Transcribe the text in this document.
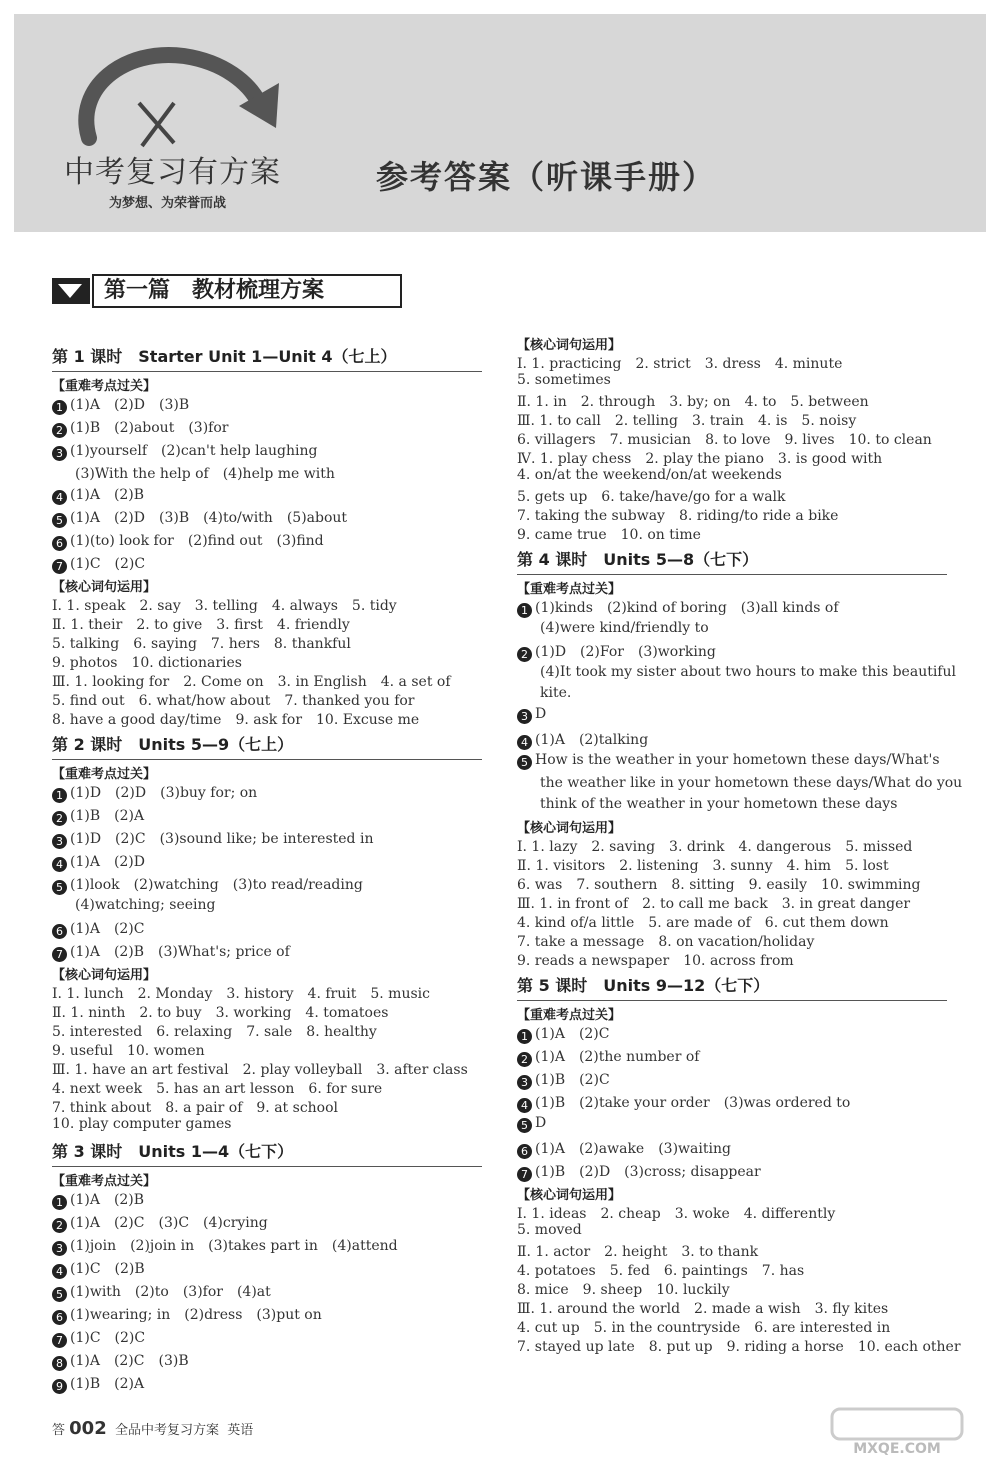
中考复习有方案
为梦想、为荣誉而战
参考答案（听课手册）
第一篇　教材梳理方案
第 1 课时　Starter Unit 1—Unit 4（七上）
【重难考点过关】
1 (1)A　(2)D　(3)B
2 (1)B　(2)about　(3)for
3 (1)yourself　(2)can't help laughing
(3)With the help of　(4)help me with
4 (1)A　(2)B
5 (1)A　(2)D　(3)B　(4)to/with　(5)about
6 (1)(to) look for　(2)find out　(3)find
7 (1)C　(2)C
【核心词句运用】
Ⅰ. 1. speak　2. say　3. telling　4. always　5. tidy
Ⅱ. 1. their　2. to give　3. first　4. friendly
5. talking　6. saying　7. hers　8. thankful
9. photos　10. dictionaries
Ⅲ. 1. looking for　2. Come on　3. in English　4. a set of
5. find out　6. what/how about　7. thanked you for
8. have a good day/time　9. ask for　10. Excuse me
第 2 课时　Units 5—9（七上）
【重难考点过关】
1 (1)D　(2)D　(3)buy for; on
2 (1)B　(2)A
3 (1)D　(2)C　(3)sound like; be interested in
4 (1)A　(2)D
5 (1)look　(2)watching　(3)to read/reading
(4)watching; seeing
6 (1)A　(2)C
7 (1)A　(2)B　(3)What's; price of
【核心词句运用】
Ⅰ. 1. lunch　2. Monday　3. history　4. fruit　5. music
Ⅱ. 1. ninth　2. to buy　3. working　4. tomatoes
5. interested　6. relaxing　7. sale　8. healthy
9. useful　10. women
Ⅲ. 1. have an art festival　2. play volleyball　3. after class
4. next week　5. has an art lesson　6. for sure
7. think about　8. a pair of　9. at school
10. play computer games
第 3 课时　Units 1—4（七下）
【重难考点过关】
1 (1)A　(2)B
2 (1)A　(2)C　(3)C　(4)crying
3 (1)join　(2)join in　(3)takes part in　(4)attend
4 (1)C　(2)B
5 (1)with　(2)to　(3)for　(4)at
6 (1)wearing; in　(2)dress　(3)put on
7 (1)C　(2)C
8 (1)A　(2)C　(3)B
9 (1)B　(2)A
【核心词句运用】
Ⅰ. 1. practicing　2. strict　3. dress　4. minute
5. sometimes
Ⅱ. 1. in　2. through　3. by; on　4. to　5. between
Ⅲ. 1. to call　2. telling　3. train　4. is　5. noisy
6. villagers　7. musician　8. to love　9. lives　10. to clean
Ⅳ. 1. play chess　2. play the piano　3. is good with
4. on/at the weekend/on/at weekends
5. gets up　6. take/have/go for a walk
7. taking the subway　8. riding/to ride a bike
9. came true　10. on time
第 4 课时　Units 5—8（七下）
【重难考点过关】
1 (1)kinds　(2)kind of boring　(3)all kinds of
(4)were kind/friendly to
2 (1)D　(2)For　(3)working
(4)It took my sister about two hours to make this beautiful
kite.
3 D
4 (1)A　(2)talking
5 How is the weather in your hometown these days/What's
the weather like in your hometown these days/What do you
think of the weather in your hometown these days
【核心词句运用】
Ⅰ. 1. lazy　2. saving　3. drink　4. dangerous　5. missed
Ⅱ. 1. visitors　2. listening　3. sunny　4. him　5. lost
6. was　7. southern　8. sitting　9. easily　10. swimming
Ⅲ. 1. in front of　2. to call me back　3. in great danger
4. kind of/a little　5. are made of　6. cut them down
7. take a message　8. on vacation/holiday
9. reads a newspaper　10. across from
第 5 课时　Units 9—12（七下）
【重难考点过关】
1 (1)A　(2)C
2 (1)A　(2)the number of
3 (1)B　(2)C
4 (1)B　(2)take your order　(3)was ordered to
5 D
6 (1)A　(2)awake　(3)waiting
7 (1)B　(2)D　(3)cross; disappear
【核心词句运用】
Ⅰ. 1. ideas　2. cheap　3. woke　4. differently
5. moved
Ⅱ. 1. actor　2. height　3. to thank
4. potatoes　5. fed　6. paintings　7. has
8. mice　9. sheep　10. luckily
Ⅲ. 1. around the world　2. made a wish　3. fly kites
4. cut up　5. in the countryside　6. are interested in
7. stayed up late　8. put up　9. riding a horse　10. each other
答 002 全品中考复习方案 英语
MXQE.COM
